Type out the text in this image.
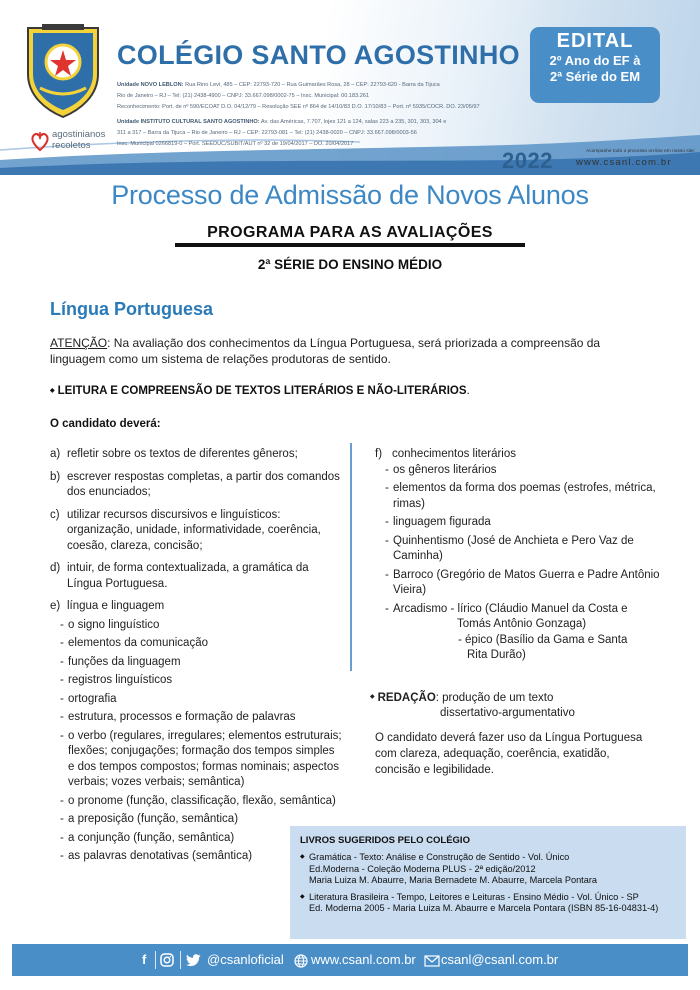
agostinianos
recoletos
COLÉGIO SANTO AGOSTINHO
Unidade NOVO LEBLON: Rua Rino Levi, 485 – CEP: 22793-720 – Rua Guimarães Rosa, 28 – CEP: 22793-620 - Barra da Tijuca
Rio de Janeiro – RJ – Tel: (21) 2438-4900 – CNPJ: 33.667.098/0002-75 – Insc. Municipal: 00.183.261
Reconhecimento: Port. de nº 590/ECOAT D.O. 04/12/79 – Resolução SEE nº 864 de 14/10/83 D.O. 17/10/83 – Port. nº 5935/COCR. DO. 23/05/97
Unidade INSTITUTO CULTURAL SANTO AGOSTINHO: Av. das Américas, 7.707, lojes 121 a 124, salas 223 a 235, 301, 303, 304 e
311 a 317 – Barra da Tijuca – Rio de Janeiro – RJ – CEP: 22793-081 – Tel: (21) 2438-0020 – CNPJ: 33.667.098/0003-56
Insc. Municipal 0266819-0 – Port. SEEDUC/SUBIT/AUT nº 32 de 19/04/2017 – DO. 20/04/2017
EDITAL
2º Ano do EF à
2ª Série do EM
2022	Acompanhe todo o processo on-line em nosso site:
www.csanl.com.br
Processo de Admissão de Novos Alunos
PROGRAMA PARA AS AVALIAÇÕES
2ª SÉRIE DO ENSINO MÉDIO
Língua Portuguesa
ATENÇÃO: Na avaliação dos conhecimentos da Língua Portuguesa, será priorizada a compreensão da linguagem como um sistema de relações produtoras de sentido.
◆ LEITURA E COMPREENSÃO DE TEXTOS LITERÁRIOS E NÃO-LITERÁRIOS.
O candidato deverá:
a) refletir sobre os textos de diferentes gêneros;
b) escrever respostas completas, a partir dos comandos dos enunciados;
c) utilizar recursos discursivos e linguísticos: organização, unidade, informatividade, coerência, coesão, clareza, concisão;
d) intuir, de forma contextualizada, a gramática da Língua Portuguesa.
e) língua e linguagem
- o signo linguístico
- elementos da comunicação
- funções da linguagem
- registros linguísticos
- ortografia
- estrutura, processos e formação de palavras
- o verbo (regulares, irregulares; elementos estruturais; flexões; conjugações; formação dos tempos simples e dos tempos compostos; formas nominais; aspectos verbais; vozes verbais; semântica)
- o pronome (função, classificação, flexão, semântica)
- a preposição (função, semântica)
- a conjunção (função, semântica)
- as palavras denotativas (semântica)
f) conhecimentos literários
- os gêneros literários
- elementos da forma dos poemas (estrofes, métrica, rimas)
- linguagem figurada
- Quinhentismo (José de Anchieta e Pero Vaz de Caminha)
- Barroco (Gregório de Matos Guerra e Padre Antônio Vieira)
- Arcadismo - lírico (Cláudio Manuel da Costa e
Tomás Antônio Gonzaga)
- épico (Basílio da Gama e Santa
Rita Durão)
◆ REDAÇÃO: produção de um texto
dissertativo-argumentativo
O candidato deverá fazer uso da Língua Portuguesa com clareza, adequação, coerência, exatidão, concisão e legibilidade.
LIVROS SUGERIDOS PELO COLÉGIO
◆ Gramática - Texto: Análise e Construção de Sentido - Vol. Único
Ed.Moderna - Coleção Moderna PLUS - 2ª edição/2012
Maria Luiza M. Abaurre, Maria Bernadete M. Abaurre, Marcela Pontara
◆ Literatura Brasileira - Tempo, Leitores e Leituras - Ensino Médio - Vol. Único - SP
Ed. Moderna 2005 - Maria Luiza M. Abaurre e Marcela Pontara (ISBN 85-16-04831-4)
f	@csanloficial www.csanl.com.br csanl@csanl.com.br
